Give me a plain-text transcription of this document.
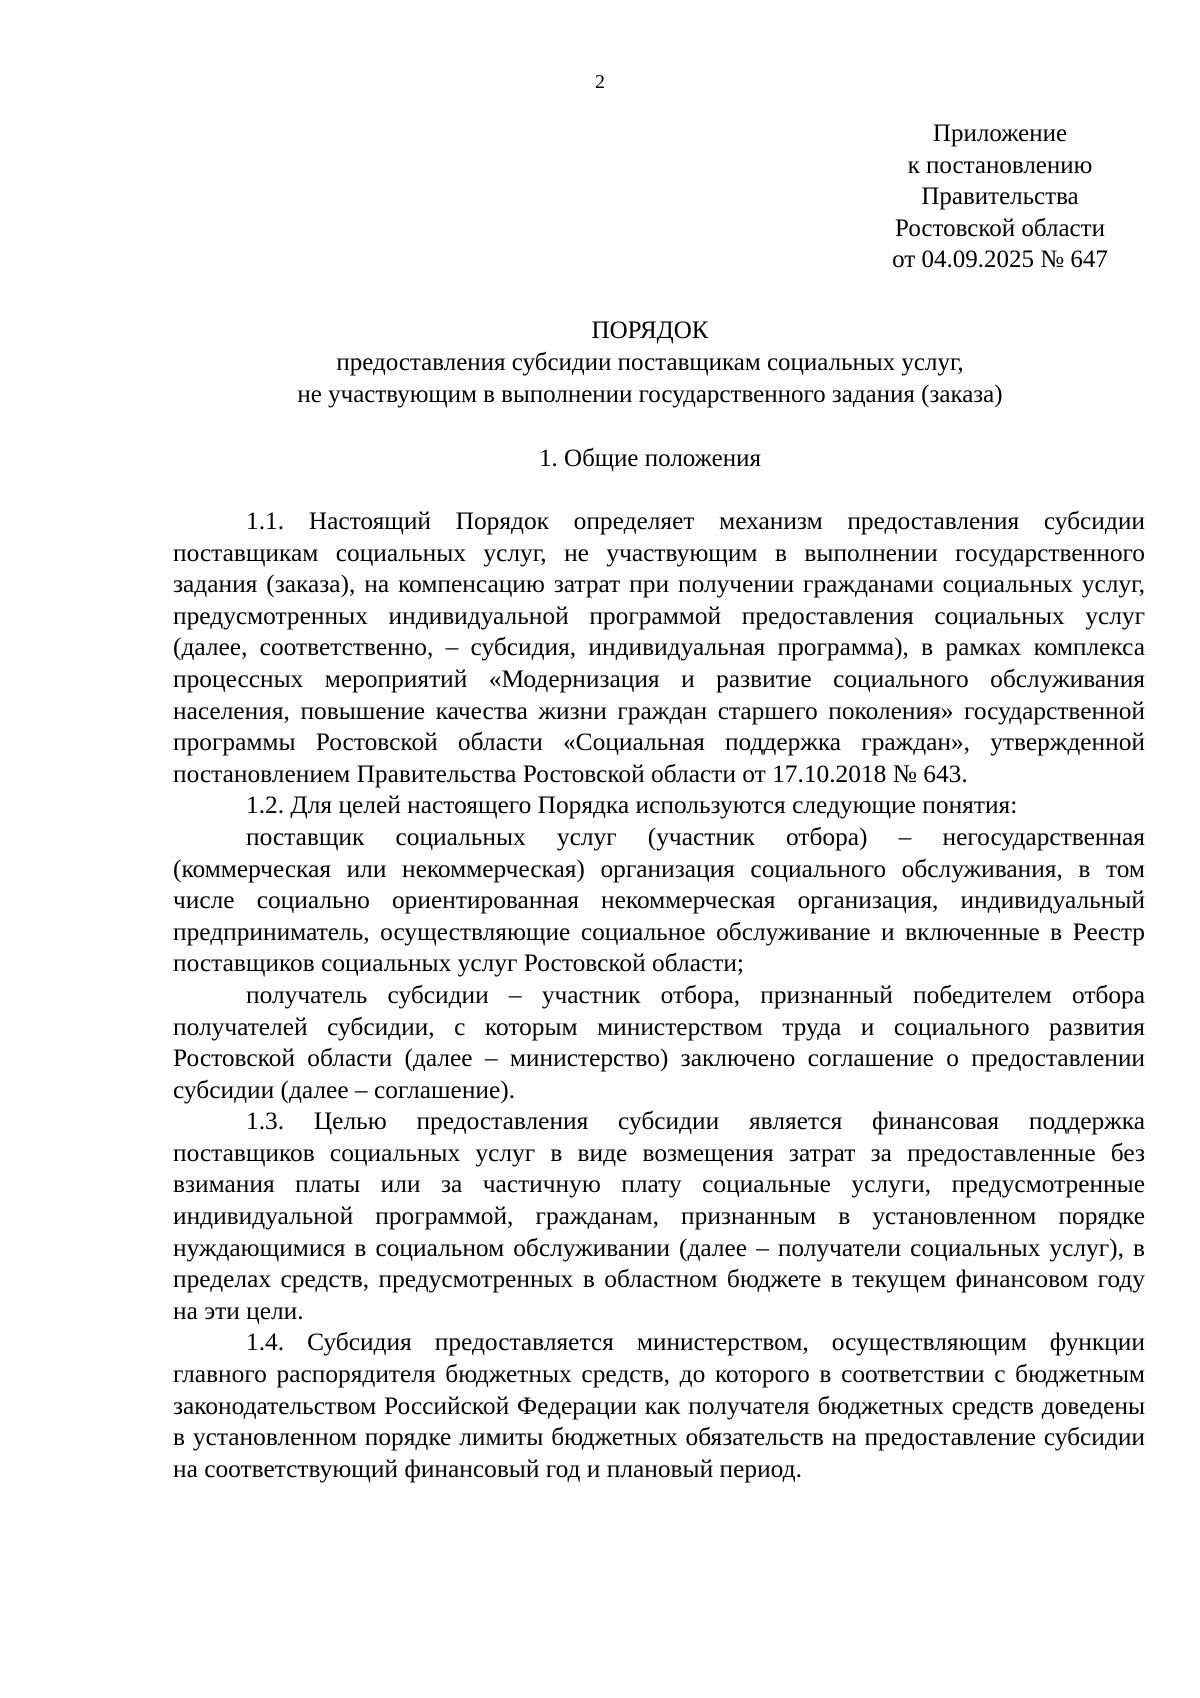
2
Приложение
к постановлению
Правительства
Ростовской области
от 04.09.2025 № 647
ПОРЯДОК
предоставления субсидии поставщикам социальных услуг,
не участвующим в выполнении государственного задания (заказа)
1. Общие положения

1.1. Настоящий Порядок определяет механизм предоставления субсидии поставщикам социальных услуг, не участвующим в выполнении государственного задания (заказа), на компенсацию затрат при получении гражданами социальных услуг, предусмотренных индивидуальной программой предоставления социальных услуг (далее, соответственно, – субсидия, индивидуальная программа), в рамках комплекса процессных мероприятий «Модернизация и развитие социального обслуживания населения, повышение качества жизни граждан старшего поколения» государственной программы Ростовской области «Социальная поддержка граждан», утвержденной постановлением Правительства Ростовской области от 17.10.2018 № 643.

1.2. Для целей настоящего Порядка используются следующие понятия:

поставщик социальных услуг (участник отбора) – негосударственная (коммерческая или некоммерческая) организация социального обслуживания, в том числе социально ориентированная некоммерческая организация, индивидуальный предприниматель, осуществляющие социальное обслуживание и включенные в Реестр поставщиков социальных услуг Ростовской области;

получатель субсидии – участник отбора, признанный победителем отбора получателей субсидии, с которым министерством труда и социального развития Ростовской области (далее – министерство) заключено соглашение о предоставлении субсидии (далее – соглашение).

1.3. Целью предоставления субсидии является финансовая поддержка поставщиков социальных услуг в виде возмещения затрат за предоставленные без взимания платы или за частичную плату социальные услуги, предусмотренные индивидуальной программой, гражданам, признанным в установленном порядке нуждающимися в социальном обслуживании (далее – получатели социальных услуг), в пределах средств, предусмотренных в областном бюджете в текущем финансовом году на эти цели.

1.4. Субсидия предоставляется министерством, осуществляющим функции главного распорядителя бюджетных средств, до которого в соответствии с бюджетным законодательством Российской Федерации как получателя бюджетных средств доведены в установленном порядке лимиты бюджетных обязательств на предоставление субсидии на соответствующий финансовый год и плановый период.
